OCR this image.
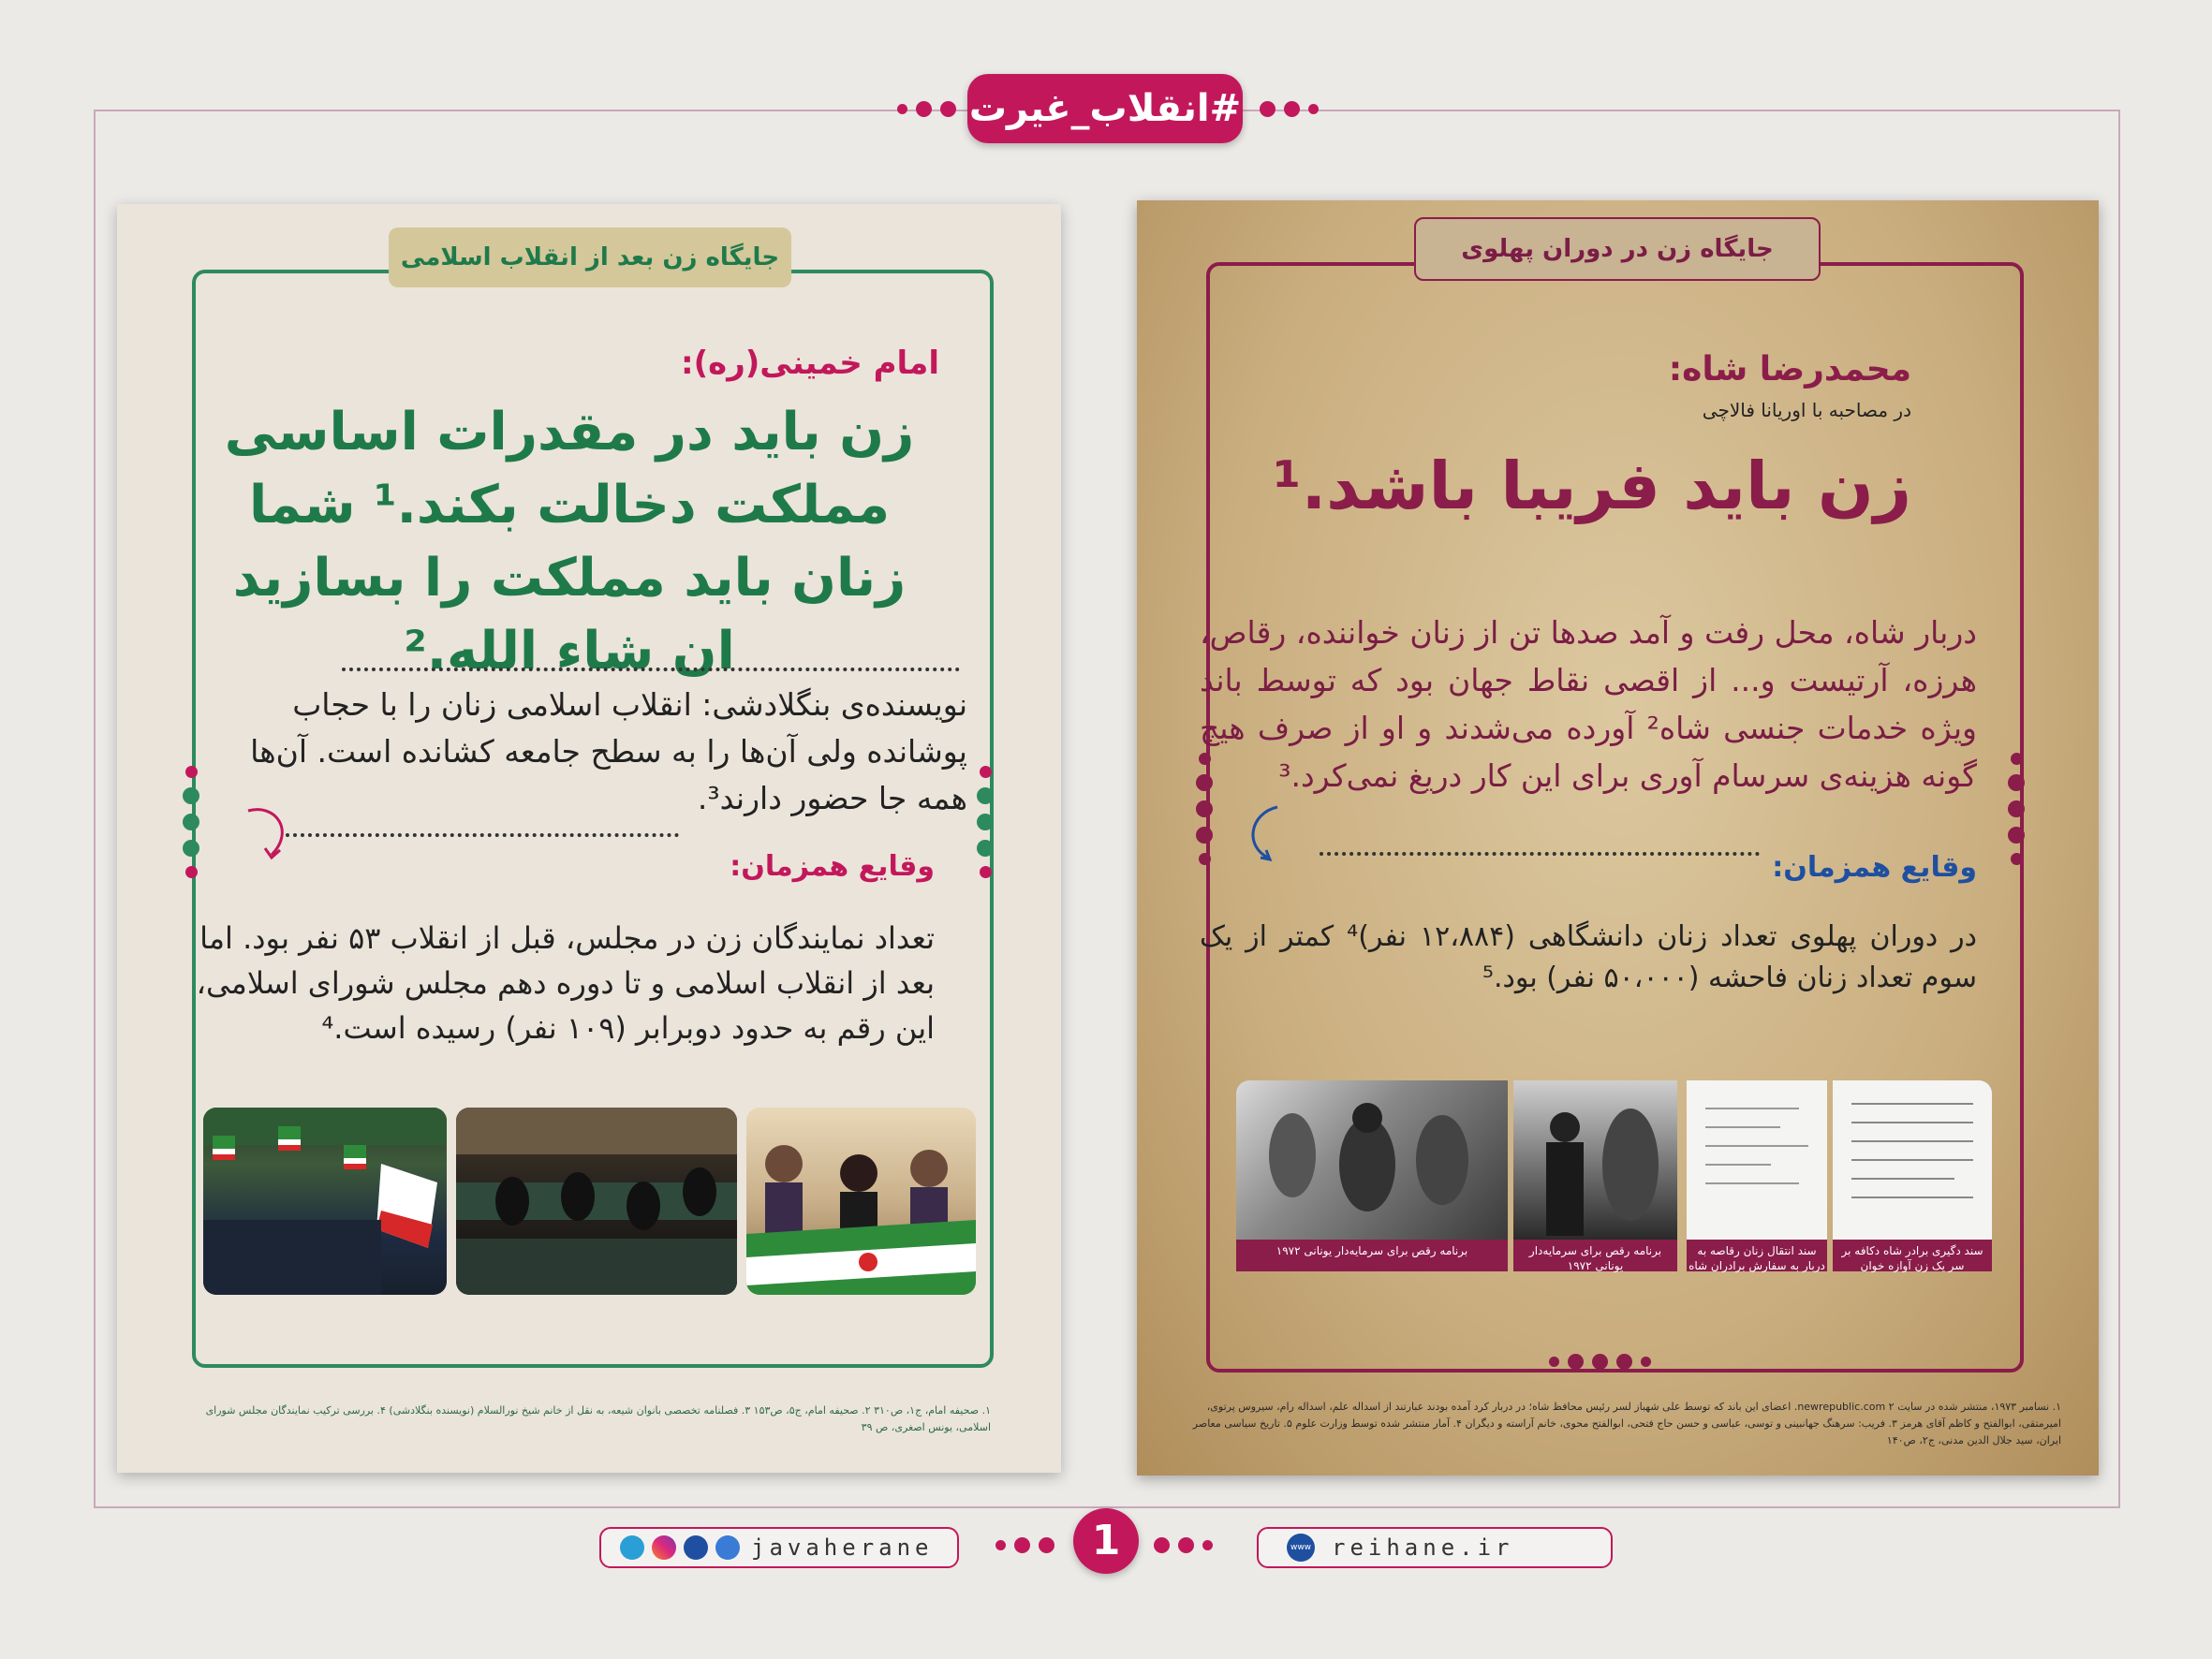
#انقلاب_غیرت
جایگاه زن بعد از انقلاب اسلامی
امام خمینی(ره):
زن باید در مقدرات اساسی مملکت دخالت بکند.¹ شما زنان باید مملکت را بسازید ان شاء الله.²
نویسنده‌ی بنگلادشی: انقلاب اسلامی زنان را با حجاب پوشانده ولی آن‌ها را به سطح جامعه کشانده است. آن‌ها همه جا حضور دارند³.
وقایع همزمان:
تعداد نمایندگان زن در مجلس، قبل از انقلاب ۵۳ نفر بود. اما بعد از انقلاب اسلامی و تا دوره دهم مجلس شورای اسلامی، این رقم به حدود دوبرابر (۱۰۹ نفر) رسیده است.⁴
۱. صحیفه امام، ج۱، ص۳۱۰ ۲. صحیفه امام، ج۵، ص۱۵۳ ۳. فصلنامه تخصصی بانوان شیعه، به نقل از خانم شیخ نورالسلام (نویسنده بنگلادشی) ۴. بررسی ترکیب نمایندگان مجلس شورای اسلامی، یونس اصغری، ص ۳۹
جایگاه زن در دوران پهلوی
محمدرضا شاه:
در مصاحبه با اوریانا فالاچی
زن باید فریبا باشد.¹
دربار شاه، محل رفت و آمد صدها تن از زنان خواننده، رقاص، هرزه، آرتیست و... از اقصی نقاط جهان بود که توسط باند ویژه خدمات جنسی شاه² آورده می‌شدند و او از صرف هیچ گونه هزینه‌ی سرسام آوری برای این کار دریغ نمی‌کرد.³
وقایع همزمان:
در دوران پهلوی تعداد زنان دانشگاهی (۱۲،۸۸۴ نفر)⁴ کمتر از یک سوم تعداد زنان فاحشه (۵۰،۰۰۰ نفر) بود.⁵
برنامه رقص برای سرمایه‌دار یونانی ۱۹۷۲	برنامه رقص برای سرمایه‌دار یونانی ۱۹۷۲
سند انتقال زنان رقاصه به دربار به سفارش برادران شاه
سند دگیری برادر شاه دکافه بر سر یک زن آوازه خوان
۱. نسامبر ۱۹۷۳، منتشر شده در سایت newrepublic.com ۲. اعضای این باند که توسط علی شهباز لسر رئیس محافظ شاه؛ در دربار کرد آمده بودند عبارتند از اسداله علم، اسداله رام، سیروس پرتوی، امیرمتقی، ابوالفتح و کاظم آقای هرمز ۳. فریب: سرهنگ جهانبینی و توسی، عباسی و حسن حاج فتحی، ابوالفتح محوی، خانم آراسته و دیگران ۴. آمار منتشر شده توسط وزارت علوم ۵. تاریخ سیاسی معاصر ایران، سید جلال الدین مدنی، ج۲، ص۱۴۰
javaherane	1	www reihane.ir
